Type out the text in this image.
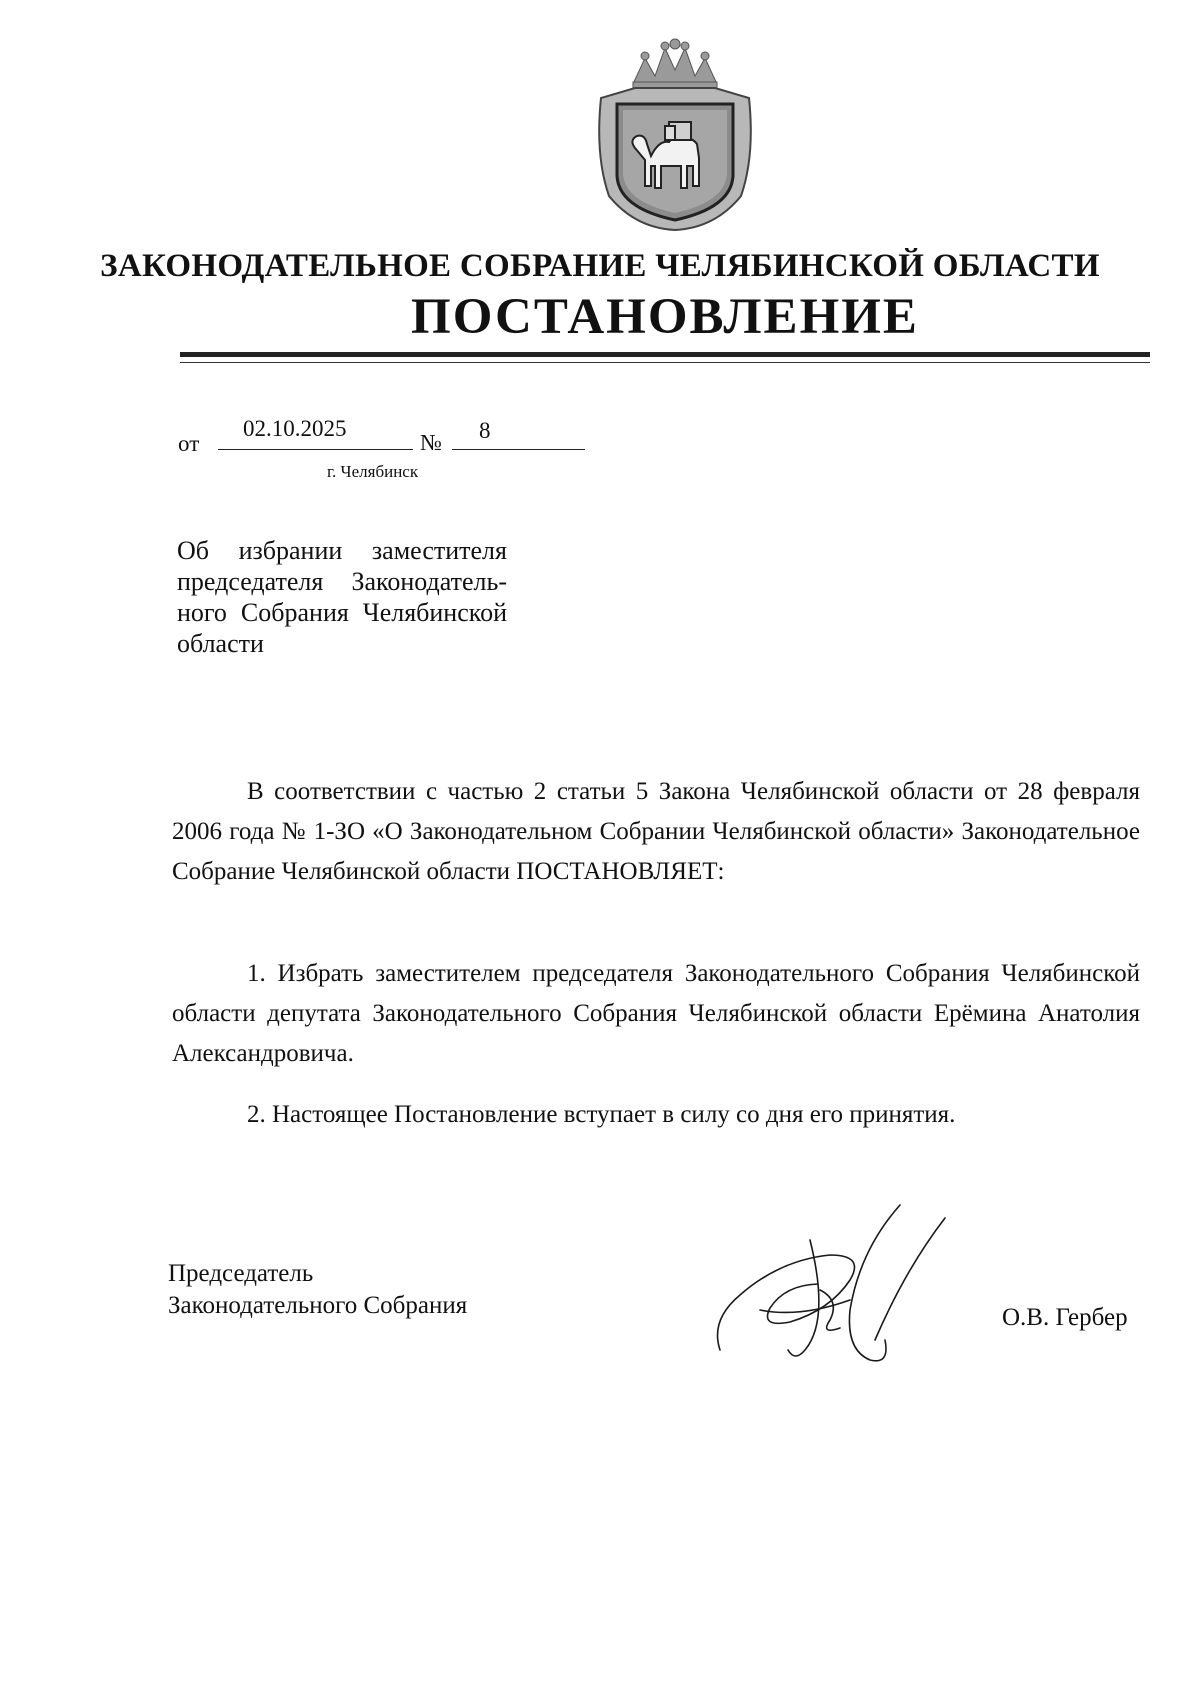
ЗАКОНОДАТЕЛЬНОЕ СОБРАНИЕ ЧЕЛЯБИНСКОЙ ОБЛАСТИ
ПОСТАНОВЛЕНИЕ
от
02.10.2025
№ 8
г. Челябинск
Об избрании заместителя председателя Законодательного Собрания Челябинской области
В соответствии с частью 2 статьи 5 Закона Челябинской области от 28 февраля 2006 года № 1-ЗО «О Законодательном Собрании Челябинской области» Законодательное Собрание Челябинской области ПОСТАНОВЛЯЕТ:
1. Избрать заместителем председателя Законодательного Собрания Челябинской области депутата Законодательного Собрания Челябинской области Ерёмина Анатолия Александровича.
2. Настоящее Постановление вступает в силу со дня его принятия.
Председатель
Законодательного Собрания	О.В. Гербер
